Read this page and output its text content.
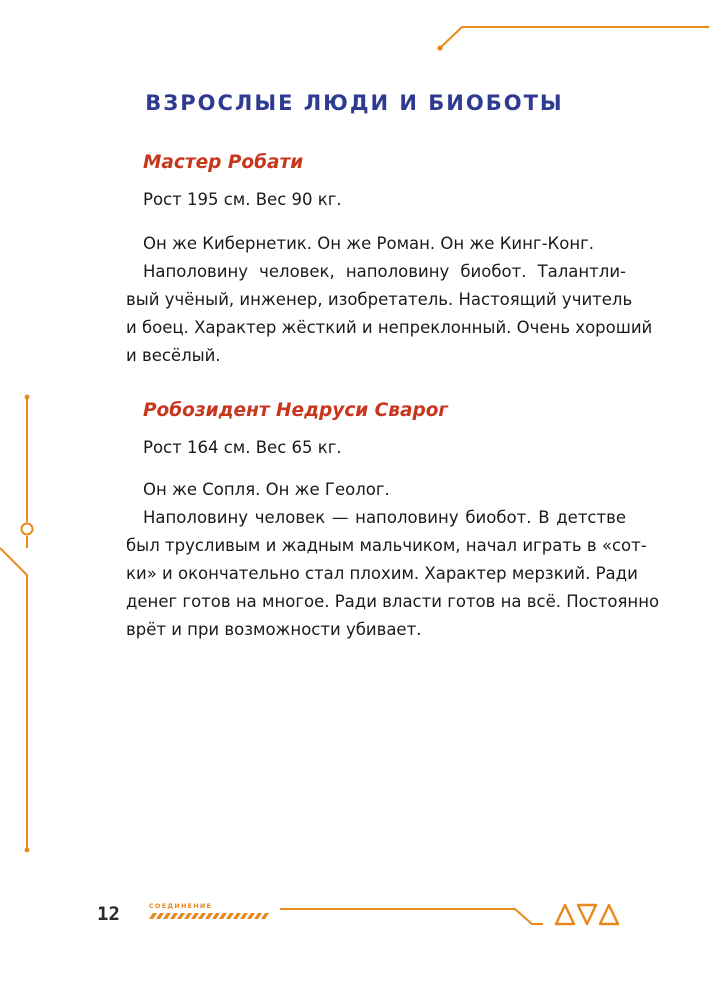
ВЗРОСЛЫЕ ЛЮДИ И БИОБОТЫ
Мастер Робати

Рост 195 см. Вес 90 кг.

Он же Кибернетик. Он же Роман. Он же Кинг-Конг.
Наполовину человек, наполовину биобот. Талантли-
вый учёный, инженер, изобретатель. Настоящий учитель
и боец. Характер жёсткий и непреклонный. Очень хороший
и весёлый.
Робозидент Недруси Сварог

Рост 164 см. Вес 65 кг.

Он же Сопля. Он же Геолог.
Наполовину человек — наполовину биобот. В детстве
был трусливым и жадным мальчиком, начал играть в «сот-
ки» и окончательно стал плохим. Характер мерзкий. Ради
денег готов на многое. Ради власти готов на всё. Постоянно
врёт и при возможности убивает.
12	СОЕДИНЕНИЕ
